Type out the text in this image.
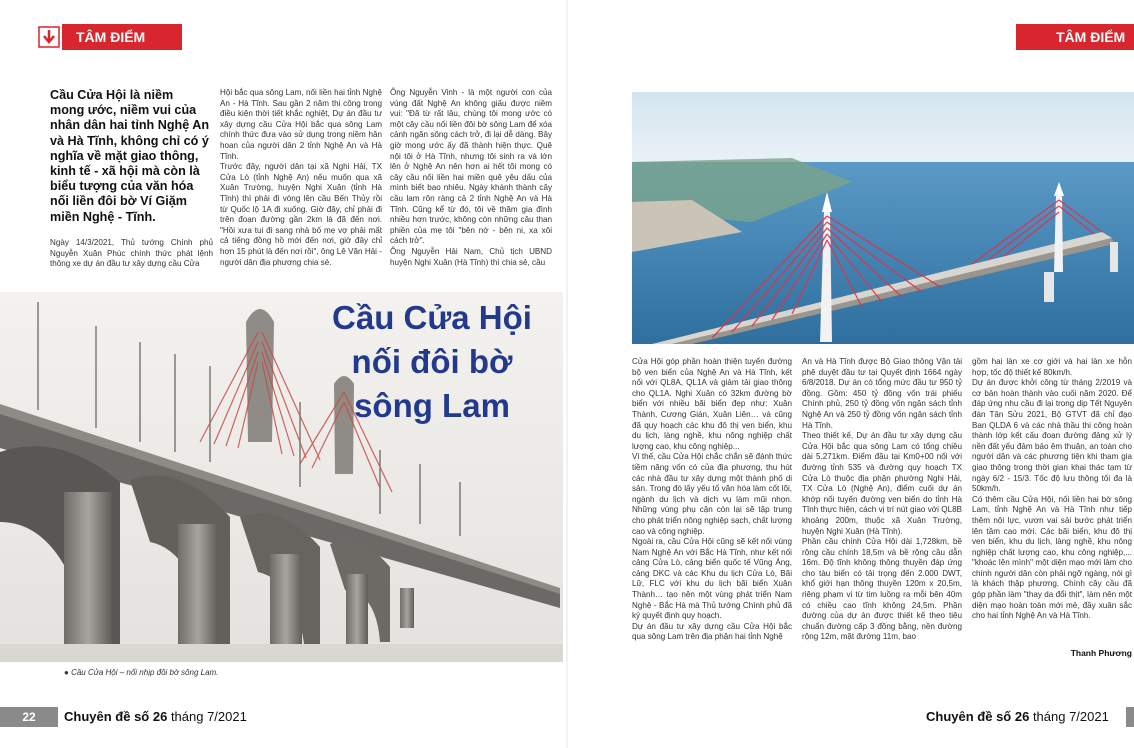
TÂM ĐIỂM
Cầu Cửa Hội là niềm mong ước, niềm vui của nhân dân hai tỉnh Nghệ An và Hà Tĩnh, không chỉ có ý nghĩa về mặt giao thông, kinh tế - xã hội mà còn là biểu tượng của văn hóa nối liền đôi bờ Ví Giặm miền Nghệ - Tĩnh.
Ngày 14/3/2021, Thủ tướng Chính phủ Nguyễn Xuân Phúc chính thức phát lệnh thông xe dự án đầu tư xây dựng cầu Cửa
Hội bắc qua sông Lam, nối liền hai tỉnh Nghệ An - Hà Tĩnh. Sau gần 2 năm thi công trong điều kiện thời tiết khắc nghiệt, Dự án đầu tư xây dựng cầu Cửa Hội bắc qua sông Lam chính thức đưa vào sử dụng trong niềm hân hoan của người dân 2 tỉnh Nghệ An và Hà Tĩnh.
Trước đây, người dân tại xã Nghi Hải, TX Cửa Lò (tỉnh Nghệ An) nếu muốn qua xã Xuân Trường, huyện Nghi Xuân (tỉnh Hà Tĩnh) thì phải đi vòng lên cầu Bến Thủy rồi từ Quốc lộ 1A đi xuống. Giờ đây, chỉ phải đi trên đoạn đường gần 2km là đã đến nơi. "Hồi xưa tui đi sang nhà bố mẹ vợ phải mất cả tiếng đồng hồ mới đến nơi, giờ đây chỉ hơn 15 phút là đến nơi rồi", ông Lê Văn Hải - người dân địa phương chia sẻ.
Ông Nguyễn Vinh - là một người con của vùng đất Nghệ An không giấu được niềm vui: "Đã từ rất lâu, chúng tôi mong ước có một cây cầu nối liền đôi bờ sông Lam để xóa cảnh ngăn sông cách trở, đi lại dễ dàng. Bây giờ mong ước ấy đã thành hiện thực. Quê nội tôi ở Hà Tĩnh, nhưng tôi sinh ra và lớn lên ở Nghệ An nên hơn ai hết tôi mong có cây cầu nối liền hai miền quê yêu dấu của mình biết bao nhiêu. Ngày khánh thành cây cầu lam rôn ràng cả 2 tỉnh Nghệ An và Hà Tĩnh. Cũng kể từ đó, tôi về thăm gia đình nhiều hơn trước, không còn những câu than phiền của mẹ tôi "bên nớ - bên ni, xa xôi cách trở".
Ông Nguyễn Hải Nam, Chủ tịch UBND huyện Nghi Xuân (Hà Tĩnh) thì chia sẻ, cầu
Cầu Cửa Hội
nối đôi bờ
sông Lam
● Cầu Cửa Hội – nối nhịp đôi bờ sông Lam.
22	Chuyên đề số 26 tháng 7/2021
TÂM ĐIỂM
Cửa Hội góp phần hoàn thiện tuyến đường bộ ven biển của Nghệ An và Hà Tĩnh, kết nối với QL8A, QL1A và giảm tải giao thông cho QL1A. Nghi Xuân có 32km đường bờ biển với nhiều bãi biển đẹp như: Xuân Thành, Cương Gián, Xuân Liên… và cũng đã quy hoạch các khu đô thị ven biển, khu du lịch, làng nghề, khu nông nghiệp chất lượng cao, khu công nghiệp...
Vì thế, cầu Cửa Hội chắc chắn sẽ đánh thức tiềm năng vốn có của địa phương, thu hút các nhà đầu tư xây dựng một thành phố di sản. Trong đó lấy yếu tố văn hóa làm cốt lõi, ngành du lịch và dịch vụ làm mũi nhọn. Những vùng phụ cận còn lại sẽ tập trung cho phát triển nông nghiệp sạch, chất lượng cao và công nghiệp.
Ngoài ra, cầu Cửa Hội cũng sẽ kết nối vùng Nam Nghệ An với Bắc Hà Tĩnh, như kết nối cảng Cửa Lò, cảng biển quốc tế Vũng Áng, cảng DKC và các Khu du lịch Cửa Lò, Bãi Lữ, FLC với khu du lịch bãi biển Xuân Thành… tạo nên một vùng phát triển Nam Nghệ - Bắc Hà mà Thủ tướng Chính phủ đã ký quyết định quy hoạch.
Dự án đầu tư xây dựng cầu Cửa Hội bắc qua sông Lam trên địa phận hai tỉnh Nghệ
An và Hà Tĩnh được Bộ Giao thông Vận tải phê duyệt đầu tư tại Quyết định 1664 ngày 6/8/2018. Dự án có tổng mức đầu tư 950 tỷ đồng. Gồm: 450 tỷ đồng vốn trái phiếu Chính phủ, 250 tỷ đồng vốn ngân sách tỉnh Nghệ An và 250 tỷ đồng vốn ngân sách tỉnh Hà Tĩnh.
Theo thiết kế, Dự án đầu tư xây dựng cầu Cửa Hội bắc qua sông Lam có tổng chiều dài 5.271km. Điểm đầu tại Km0+00 nối với đường tỉnh 535 và đường quy hoạch TX Cửa Lò thuộc địa phận phường Nghi Hải, TX Cửa Lò (Nghệ An), điểm cuối dự án khớp nối tuyến đường ven biển do tỉnh Hà Tĩnh thực hiện, cách vị trí nút giao với QL8B khoảng 200m, thuộc xã Xuân Trường, huyện Nghi Xuân (Hà Tĩnh).
Phần cầu chính Cửa Hội dài 1,728km, bề rộng cầu chính 18,5m và bề rộng cầu dẫn 16m. Độ tĩnh không thông thuyền đáp ứng cho tàu biển có tải trọng đến 2.000 DWT, khổ giới hạn thông thuyền 120m x 20,5m, riêng phạm vi từ tim luồng ra mỗi bên 40m có chiều cao tĩnh không 24,5m. Phần đường của dự án được thiết kế theo tiêu chuẩn đường cấp 3 đồng bằng, nền đường rộng 12m, mặt đường 11m, bao
gồm hai làn xe cơ giới và hai làn xe hỗn hợp, tốc độ thiết kế 80km/h.
Dự án được khởi công từ tháng 2/2019 và cơ bản hoàn thành vào cuối năm 2020. Để đáp ứng nhu cầu đi lại trong dịp Tết Nguyên đán Tân Sửu 2021, Bộ GTVT đã chỉ đạo Ban QLDA 6 và các nhà thầu thi công hoàn thành lớp kết cấu đoạn đường đảng xử lý nền đất yếu đảm bảo êm thuận, an toàn cho người dân và các phương tiện khi tham gia giao thông trong thời gian khai thác tạm từ ngày 6/2 - 15/3. Tốc độ lưu thông tối đa là 50km/h.
Có thêm cầu Cửa Hội, nối liền hai bờ sông Lam, tỉnh Nghệ An và Hà Tĩnh như tiếp thêm nội lực, vươn vai sải bước phát triển lên tầm cao mới. Các bãi biển, khu đô thị ven biển, khu du lịch, làng nghề, khu nông nghiệp chất lượng cao, khu công nghiệp,... "khoác lên mình" một diện mạo mới làm cho chính người dân còn phải ngỡ ngàng, nói gì là khách thập phương. Chính cây cầu đã góp phần làm "thay da đổi thịt", làm nên một diện mạo hoàn toàn mới mẻ, đầy xuân sắc cho hai tỉnh Nghệ An và Hà Tĩnh.
Thanh Phương
Chuyên đề số 26 tháng 7/2021
